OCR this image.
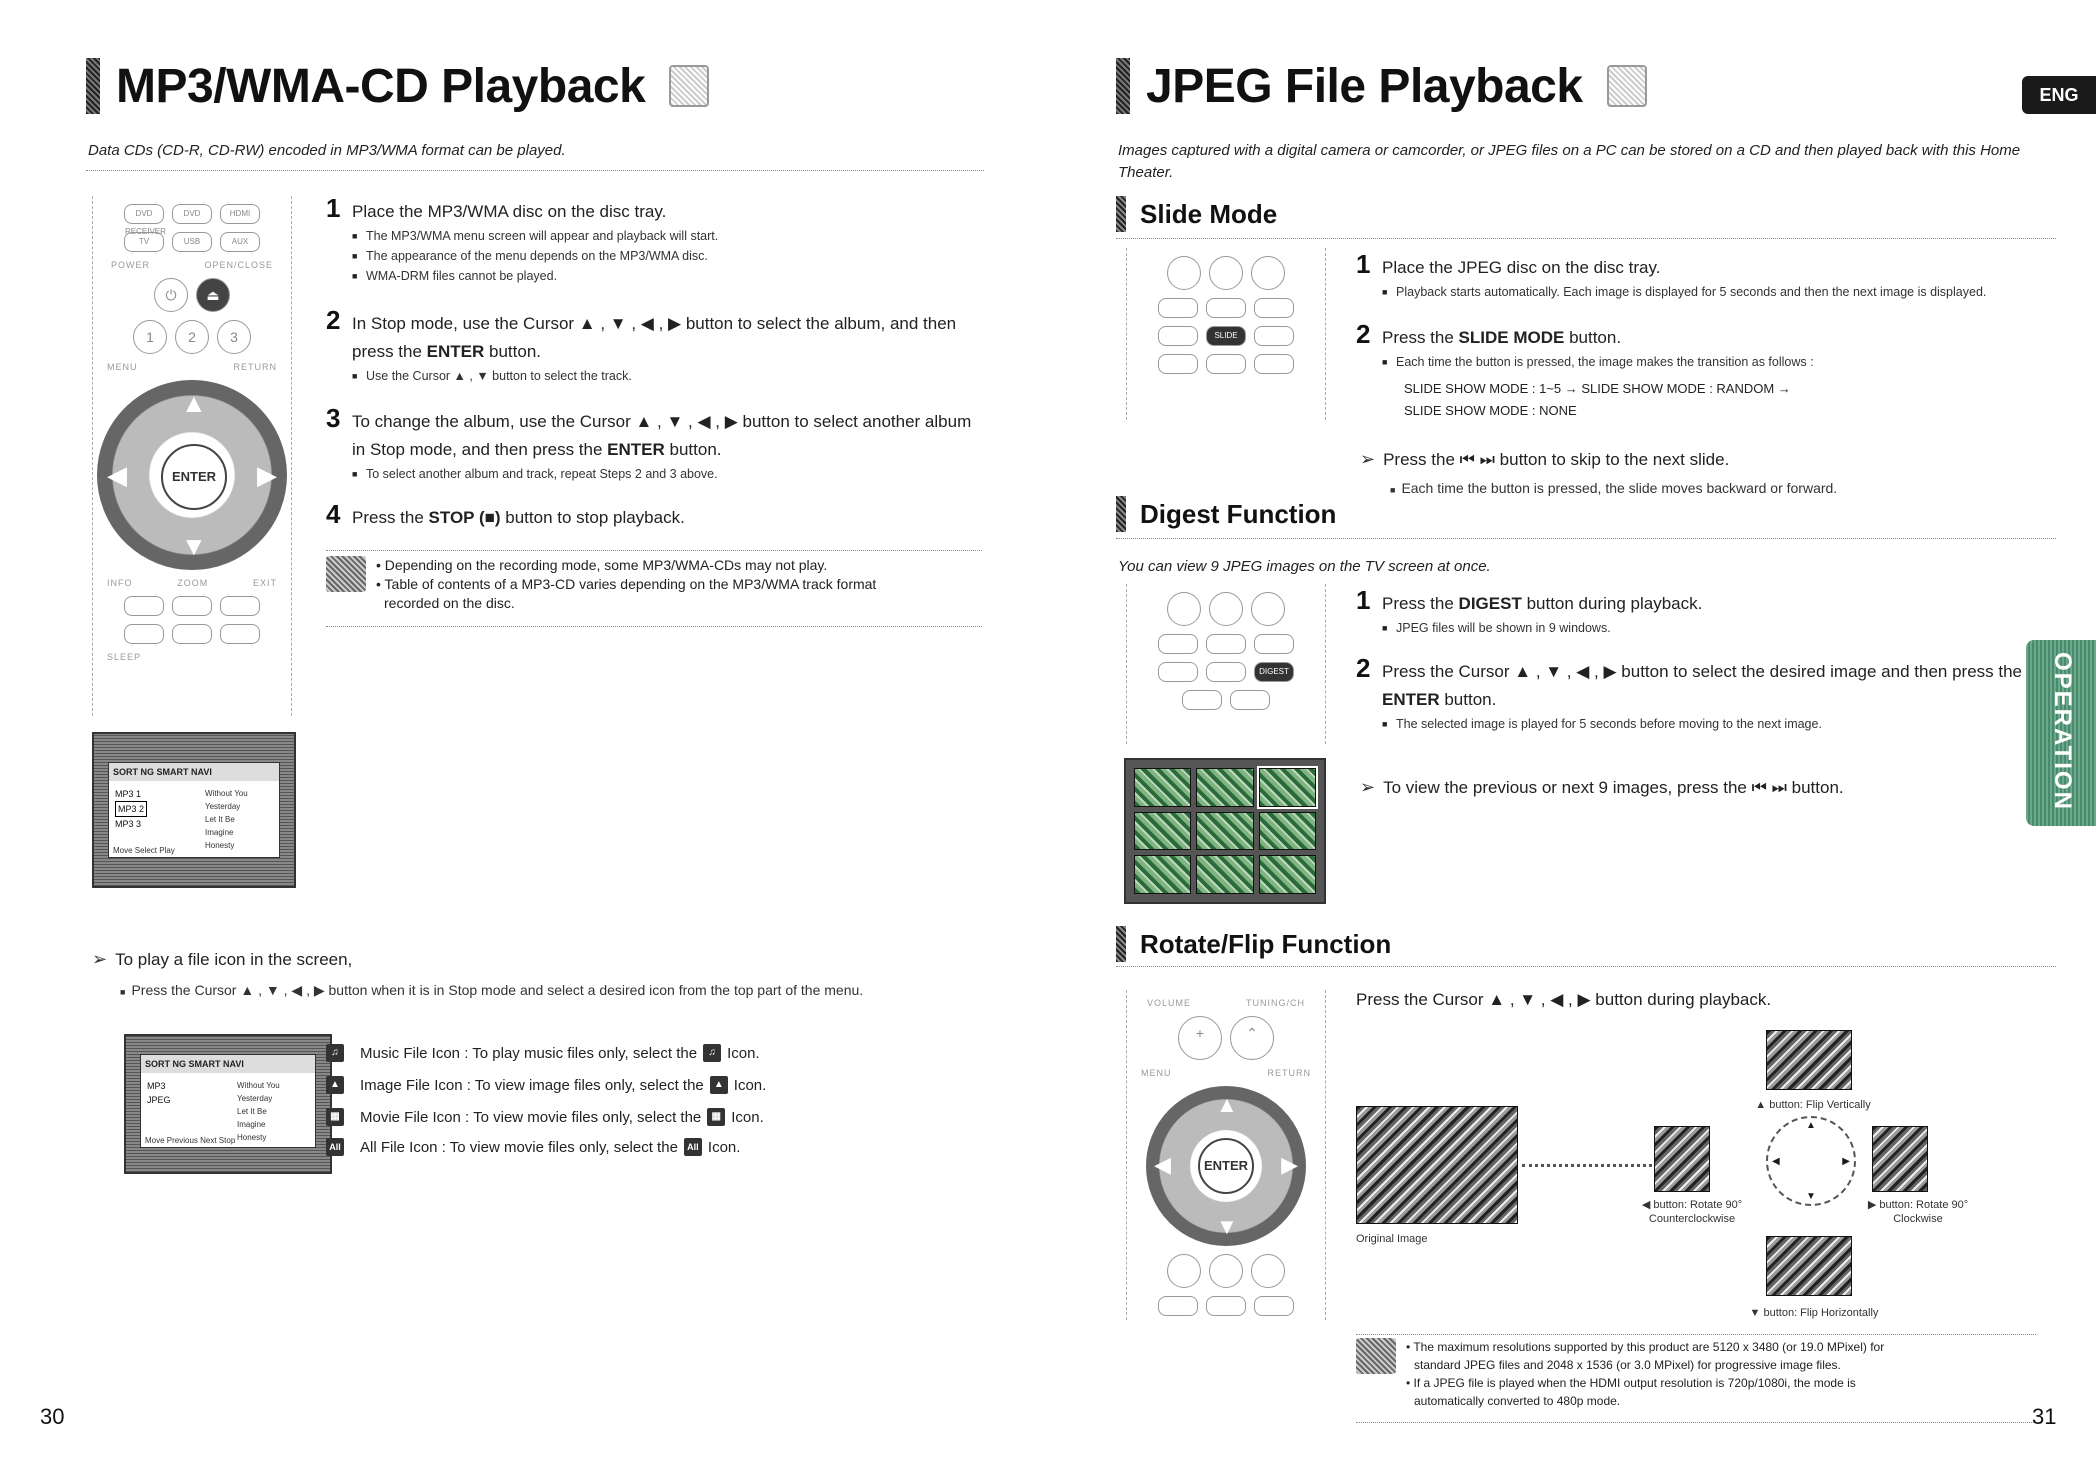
MP3/WMA-CD Playback
Data CDs (CD-R, CD-RW) encoded in MP3/WMA format can be played.
DVD RECEIVER
DVD	HDMI
TV	USB	AUX
POWER	OPEN/CLOSE
⏻	⏏
1	2	3
MENU	RETURN
▲
▼
◀	▶
ENTER
INFO	ZOOM	EXIT
SLEEP
SORT NG SMART NAVI
MP3 1
MP3 2
MP3 3
Without You
Yesterday
Let It Be
Imagine
Honesty
Move Select Play
1 Place the MP3/WMA disc on the disc tray.
■ The MP3/WMA menu screen will appear and playback will start.
■ The appearance of the menu depends on the MP3/WMA disc.
■ WMA-DRM files cannot be played.
2 In Stop mode, use the Cursor ▲ , ▼ , ◀ , ▶ button to select the album, and then press the ENTER button.
■ Use the Cursor ▲ , ▼ button to select the track.
3 To change the album, use the Cursor ▲ , ▼ , ◀ , ▶ button to select another album in Stop mode, and then press the ENTER button.
■ To select another album and track, repeat Steps 2 and 3 above.
4 Press the STOP (■) button to stop playback.
• Depending on the recording mode, some MP3/WMA-CDs may not play.
• Table of contents of a MP3-CD varies depending on the MP3/WMA track format
recorded on the disc.
➢ To play a file icon in the screen,
■ Press the Cursor ▲ , ▼ , ◀ , ▶ button when it is in Stop mode and select a desired icon from the top part of the menu.
SORT NG SMART NAVI
MP3
JPEG
Without You
Yesterday
Let It Be
Imagine
Honesty
Move Previous Next Stop
♫	Music File Icon : To play music files only, select the	♫ Icon.
▲ Image File Icon : To view image files only, select the	▲ Icon.
▦ Movie File Icon : To view movie files only, select the	▦ Icon.
All All File Icon : To view movie files only, select the	All Icon.
30
JPEG File Playback	ENG
Images captured with a digital camera or camcorder, or JPEG files on a PC can be stored on a CD and then played back with this Home Theater.
Slide Mode
SLIDE MODE
1 Place the JPEG disc on the disc tray.
■ Playback starts automatically. Each image is displayed for 5 seconds and then the next image is displayed.
2 Press the SLIDE MODE button.
■ Each time the button is pressed, the image makes the transition as follows :
SLIDE SHOW MODE : 1~5 → SLIDE SHOW MODE : RANDOM →
SLIDE SHOW MODE : NONE
➢ Press the ⏮ ⏭ button to skip to the next slide.
■ Each time the button is pressed, the slide moves backward or forward.
Digest Function
You can view 9 JPEG images on the TV screen at once.
DIGEST
1 Press the DIGEST button during playback.
■ JPEG files will be shown in 9 windows.
2 Press the Cursor ▲ , ▼ , ◀ , ▶ button to select the desired image and then press the ENTER button.
■ The selected image is played for 5 seconds before moving to the next image.
➢ To view the previous or next 9 images, press the ⏮ ⏭ button.
Rotate/Flip Function
VOLUME	TUNING/CH
+	⌃
MENU	RETURN
▲
▼
◀	▶
ENTER
Press the Cursor ▲ , ▼ , ◀ , ▶ button during playback.
Original Image
▲ button: Flip Vertically
◀ button: Rotate 90°
Counterclockwise
▲
▼
◀	▶
▶ button: Rotate 90°
Clockwise
▼ button: Flip Horizontally
• The maximum resolutions supported by this product are 5120 x 3480 (or 19.0 MPixel) for
standard JPEG files and 2048 x 1536 (or 3.0 MPixel) for progressive image files.
• If a JPEG file is played when the HDMI output resolution is 720p/1080i, the mode is
automatically converted to 480p mode.
31
OPERATION
